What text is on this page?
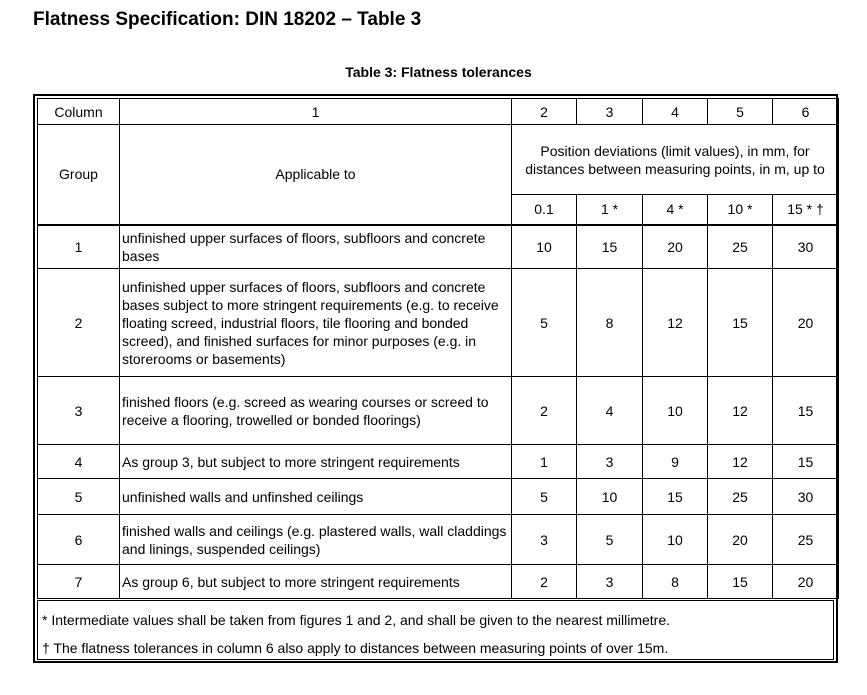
Flatness Specification: DIN 18202 – Table 3
Table 3: Flatness tolerances
Column	1	2	3	4	5	6
Group	Applicable to	Position deviations (limit values), in mm, for distances between measuring points, in m, up to				
		0.1	1 *	4 *	10 *	15 * †
1	unfinished upper surfaces of floors, subfloors and concrete bases	10	15	20	25	30
2	unfinished upper surfaces of floors, subfloors and concrete bases subject to more stringent requirements (e.g. to receive floating screed, industrial floors, tile flooring and bonded screed), and finished surfaces for minor purposes (e.g. in storerooms or basements)	5	8	12	15	20
3	finished floors (e.g. screed as wearing courses or screed to receive a flooring, trowelled or bonded floorings)	2	4	10	12	15
4	As group 3, but subject to more stringent requirements	1	3	9	12	15
5	unfinished walls and unfinshed ceilings	5	10	15	25	30
6	finished walls and ceilings (e.g. plastered walls, wall claddings and linings, suspended ceilings)	3	5	10	20	25
7	As group 6, but subject to more stringent requirements	2	3	8	15	20
* Intermediate values shall be taken from figures 1 and 2, and shall be given to the nearest millimetre.
† The flatness tolerances in column 6 also apply to distances between measuring points of over 15m.
